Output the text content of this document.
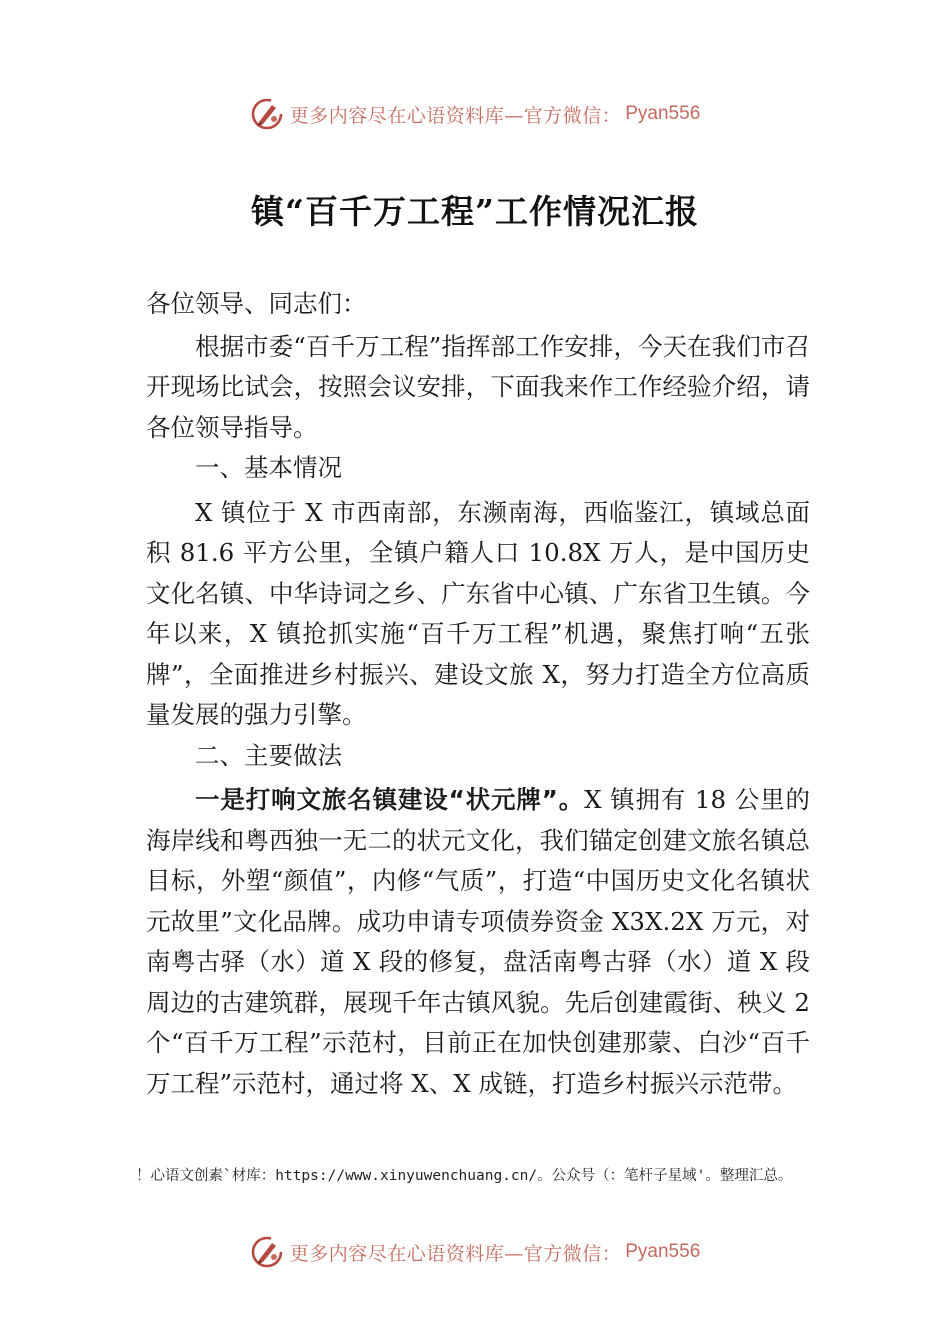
更多内容尽在心语资料库—官方微信： Pyan556
镇“百千万工程”工作情况汇报

各位领导、同志们：

根据市委“百千万工程”指挥部工作安排，今天在我们市召开现场比试会，按照会议安排，下面我来作工作经验介绍，请各位领导指导。

一、基本情况

X 镇位于 X 市西南部，东濒南海，西临鉴江，镇域总面积 81.6 平方公里，全镇户籍人口 10.8X 万人，是中国历史文化名镇、中华诗词之乡、广东省中心镇、广东省卫生镇。今年以来，X 镇抢抓实施“百千万工程”机遇，聚焦打响“五张牌”，全面推进乡村振兴、建设文旅 X，努力打造全方位高质量发展的强力引擎。

二、主要做法

一是打响文旅名镇建设“状元牌”。X 镇拥有 18 公里的海岸线和粤西独一无二的状元文化，我们锚定创建文旅名镇总目标，外塑“颜值”，内修“气质”，打造“中国历史文化名镇状元故里”文化品牌。成功申请专项债券资金 X3X.2X 万元，对南粤古驿（水）道 X 段的修复，盘活南粤古驿（水）道 X 段周边的古建筑群，展现千年古镇风貌。先后创建霞街、秧义 2 个“百千万工程”示范村，目前正在加快创建那蒙、白沙“百千万工程”示范村，通过将 X、X 成链，打造乡村振兴示范带。

！心语文创素`材库：https://www.xinyuwenchuang.cn/。公众号（：笔杆子星域'。整理汇总。
更多内容尽在心语资料库—官方微信： Pyan556
